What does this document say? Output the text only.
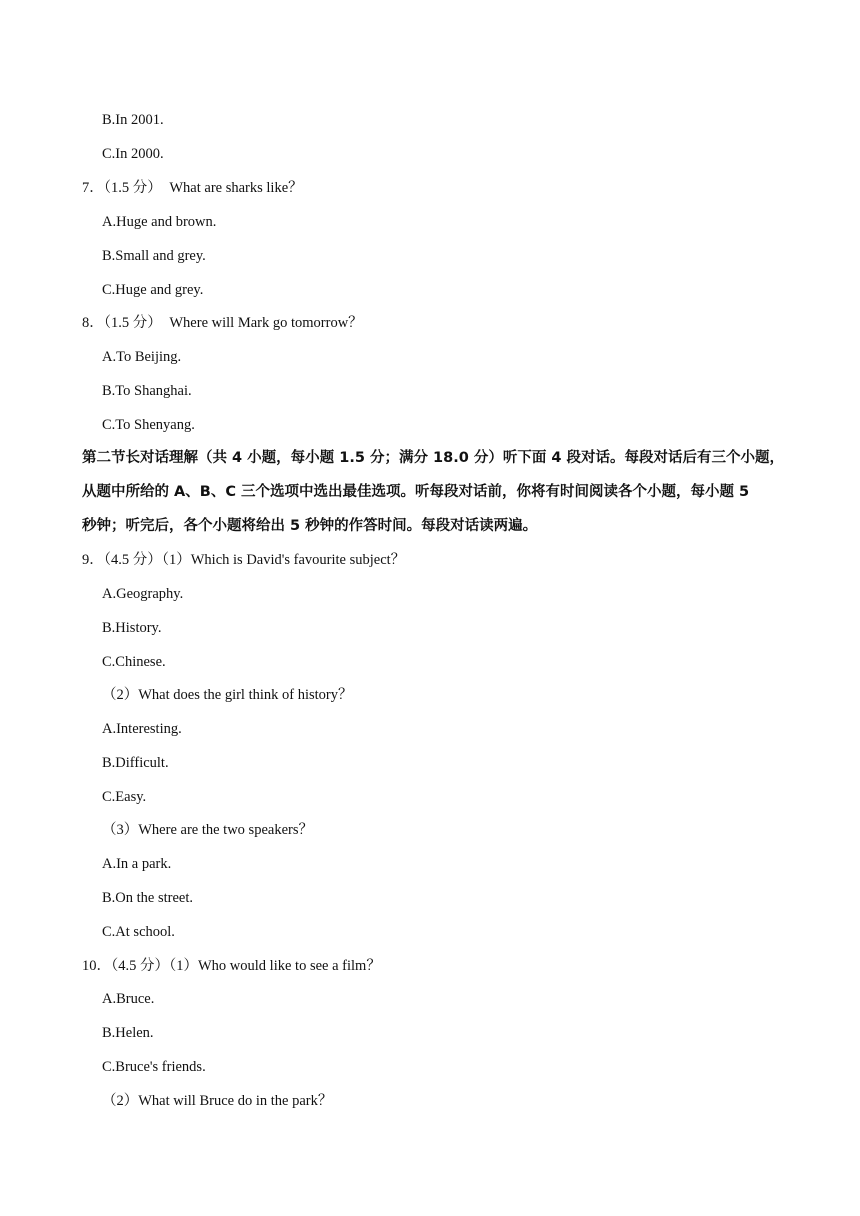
B.In 2001.
C.In 2000.
7．（1.5 分） What are sharks like？
A.Huge and brown.
B.Small and grey.
C.Huge and grey.
8．（1.5 分） Where will Mark go tomorrow？
A.To Beijing.
B.To Shanghai.
C.To Shenyang.
第二节长对话理解（共 4 小题，每小题 1.5 分；满分 18.0 分）听下面 4 段对话。每段对话后有三个小题，
从题中所给的 A、B、C 三个选项中选出最佳选项。听每段对话前，你将有时间阅读各个小题，每小题 5
秒钟；听完后，各个小题将给出 5 秒钟的作答时间。每段对话读两遍。
9．（4.5 分）（1）Which is David's favourite subject？
A.Geography.
B.History.
C.Chinese.
（2）What does the girl think of history？
A.Interesting.
B.Difficult.
C.Easy.
（3）Where are the two speakers？
A.In a park.
B.On the street.
C.At school.
10．（4.5 分）（1）Who would like to see a film？
A.Bruce.
B.Helen.
C.Bruce's friends.
（2）What will Bruce do in the park？
